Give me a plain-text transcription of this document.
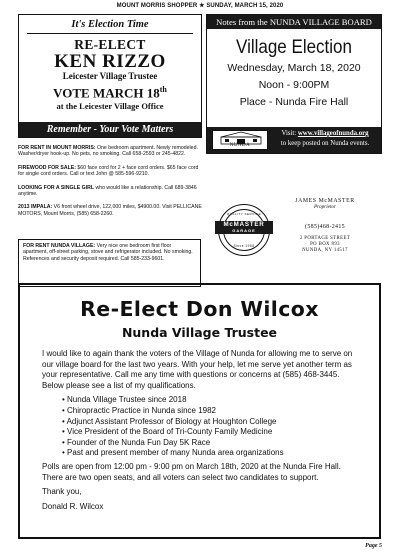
MOUNT MORRIS SHOPPER ★ SUNDAY, MARCH 15, 2020
It's Election Time
RE-ELECT
KEN RIZZO
Leicester Village Trustee
VOTE MARCH 18th
at the Leicester Village Office
Remember - Your Vote Matters
Notes from the NUNDA VILLAGE BOARD
Village Election
Wednesday, March 18, 2020
Noon - 9:00PM
Place - Nunda Fire Hall
NUNDA
Visit: www.villageofnunda.org
to keep posted on Nunda events.

FOR RENT IN MOUNT MORRIS: One bedroom apartment. Newly remodeled. Washer/dryer hook-up. No pets, no smoking. Call 658-2593 or 245-4822.

FIREWOOD FOR SALE: $60 face cord for 2 + face cord orders. $65 face cord for single cord orders. Call or text John @ 585-596-9210.

LOOKING FOR A SINGLE GIRL who would like a relationship. Call 689-3846 anytime.

2013 IMPALA: V6 front wheel drive, 122,000 miles, $4900.00. Visit PELLICANE MOTORS, Mount Morris, (585) 658-2260.

FOR RENT NUNDA VILLAGE: Very nice one bedroom first floor apartment, off-street parking, stove and refrigerator included. No smoking. References and security deposit required. Call 585-233-9601.
QUALITY SERVICE
McMASTER
GARAGE
Since 1958
JAMES McMASTER
Proprietor
(585)468-2415
2 PORTAGE STREET
PO BOX 893
NUNDA, NY 14517
Re-Elect Don Wilcox
Nunda Village Trustee
I would like to again thank the voters of the Village of Nunda for allowing me to serve on our village board for the last two years. With your help, let me serve yet another term as your representative. Call me any time with questions or concerns at (585) 468-3445. Below please see a list of my qualifications.
• Nunda Village Trustee since 2018
• Chiropractic Practice in Nunda since 1982
• Adjunct Assistant Professor of Biology at Houghton College
• Vice President of the Board of Tri-County Family Medicine
• Founder of the Nunda Fun Day 5K Race
• Past and present member of many Nunda area organizations
Polls are open from 12:00 pm - 9:00 pm on March 18th, 2020 at the Nunda Fire Hall. There are two open seats, and all voters can select two candidates to support.
Thank you,
Donald R. Wilcox
Page 5
